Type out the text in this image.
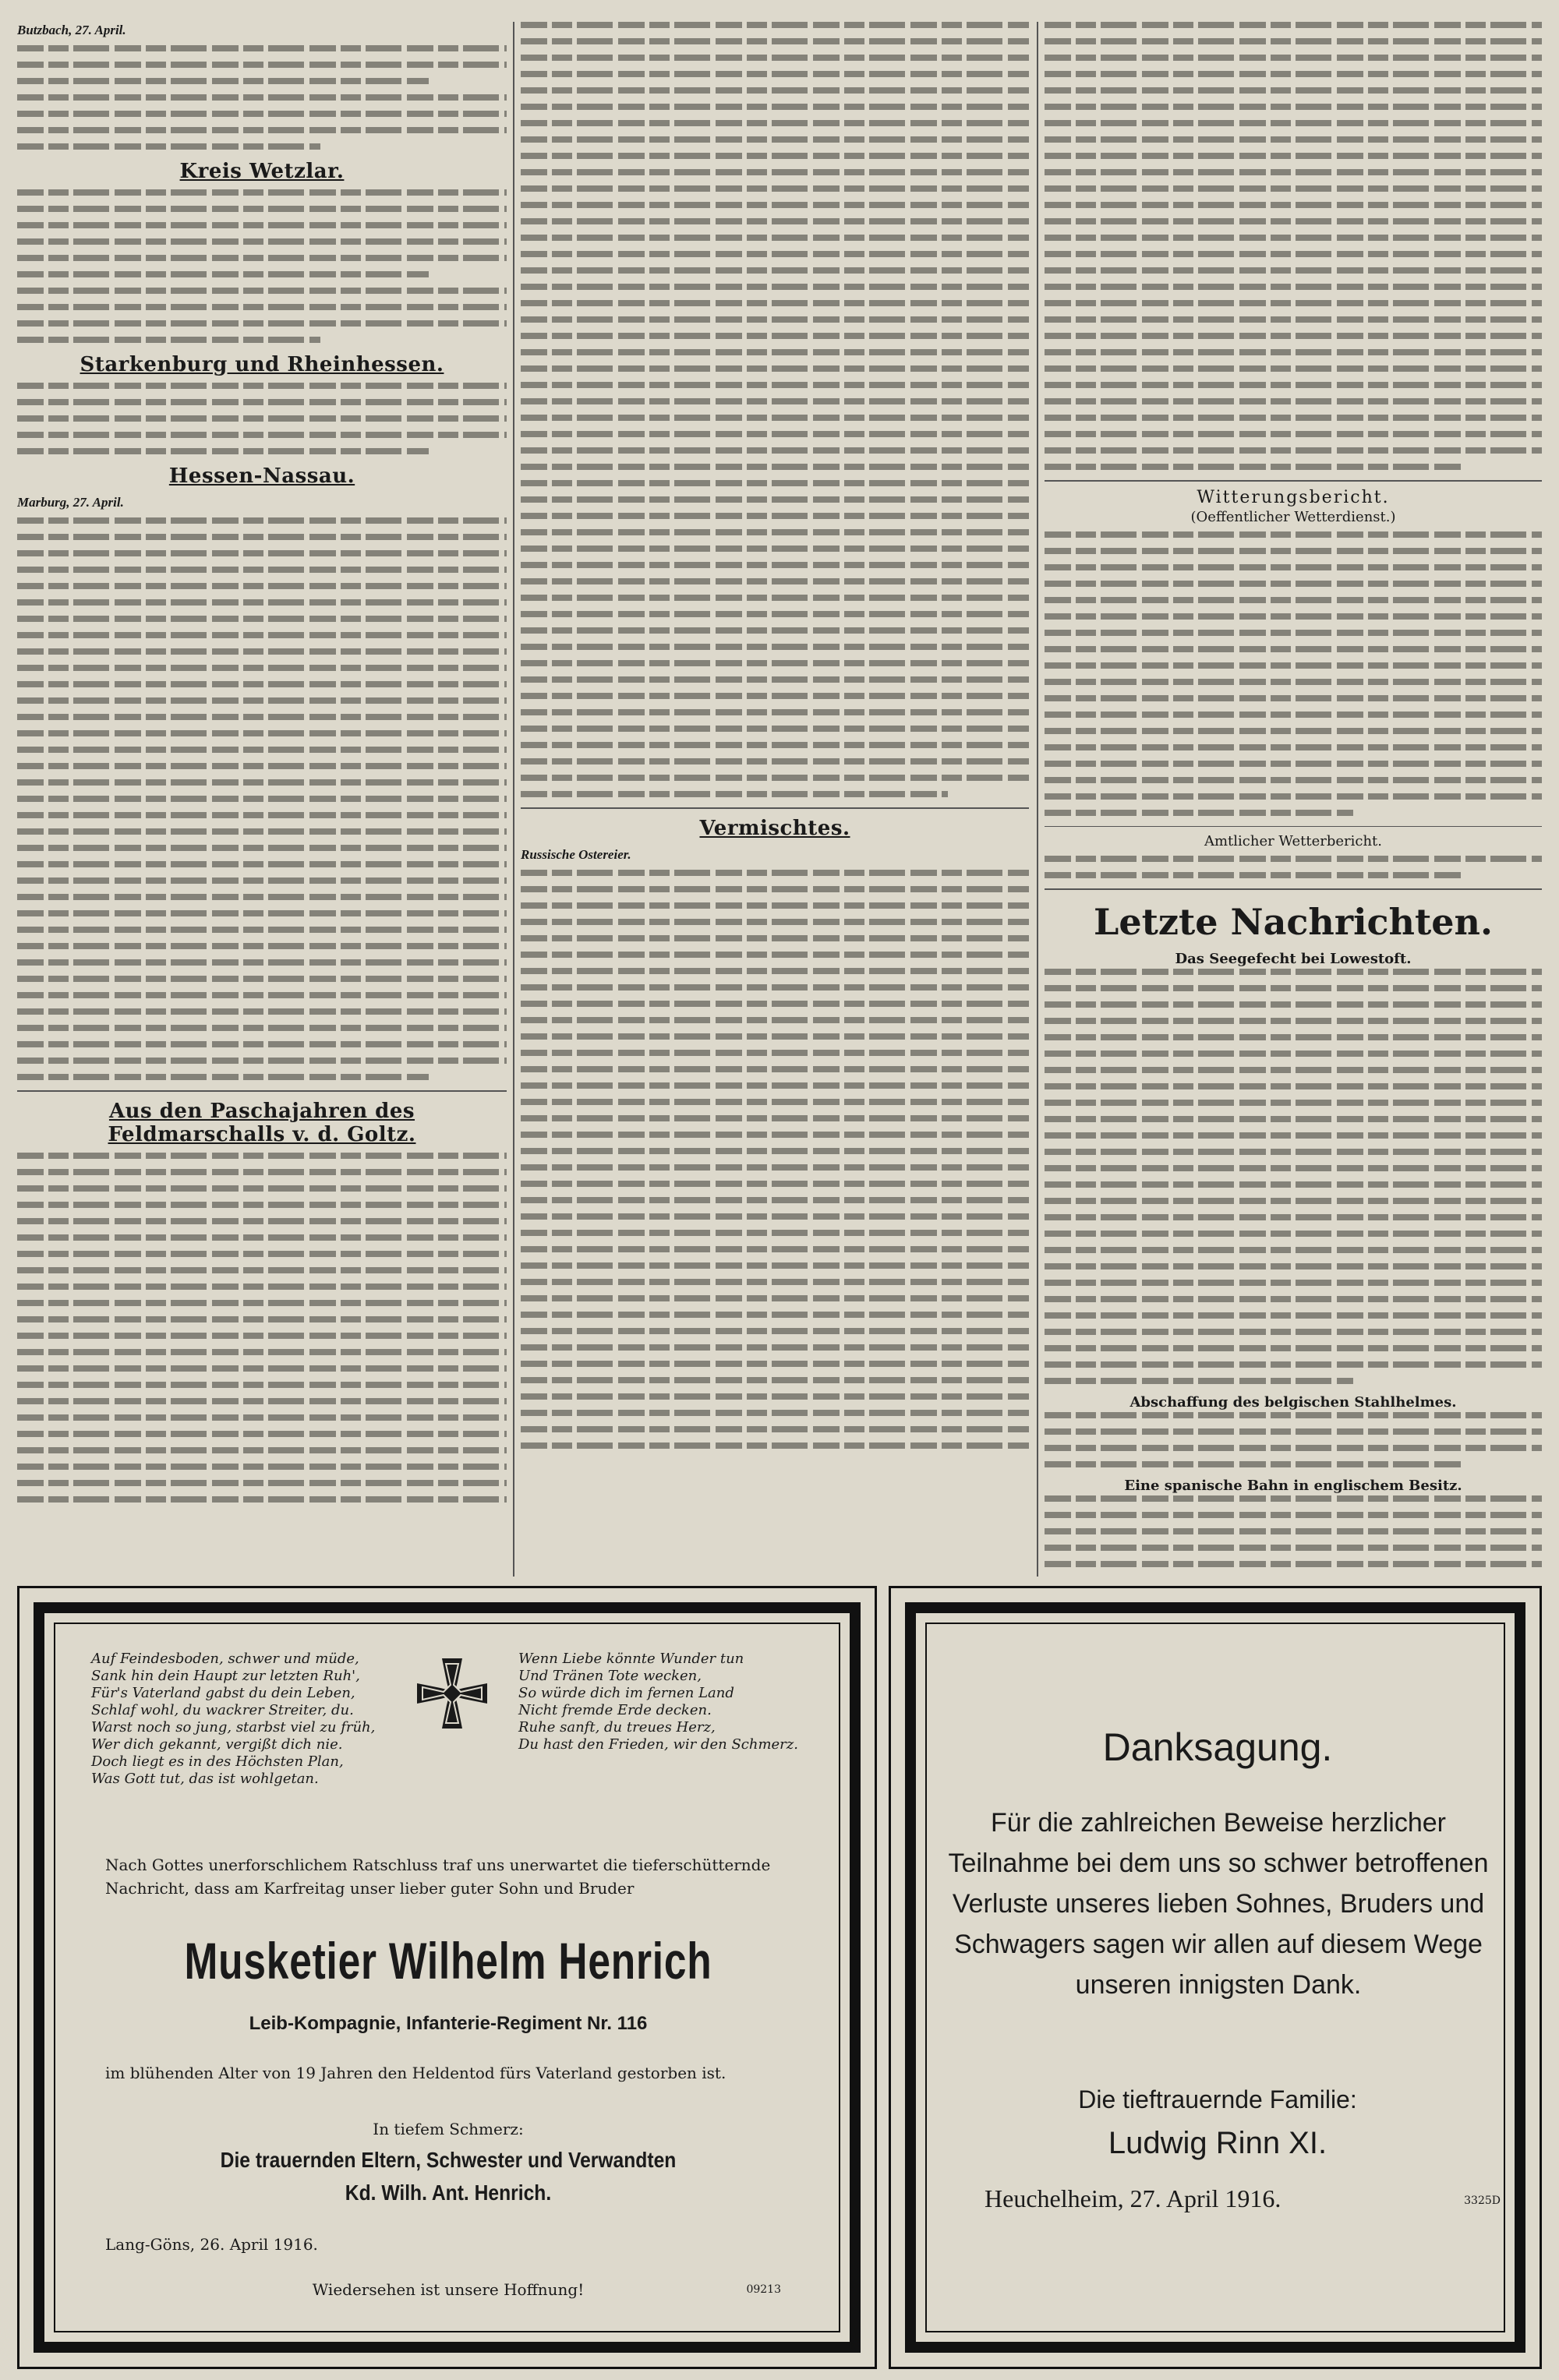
Butzbach, 27. April.

Kreis Wetzlar.
Starkenburg und Rheinhessen.
Hessen-Nassau.

Marburg, 27. April.

Aus den Paschajahren des Feldmarschalls v. d. Goltz.
Vermischtes.

Russische Ostereier.

Witterungsbericht.
(Oeffentlicher Wetterdienst.)
Amtlicher Wetterbericht.
Letzte Nachrichten.
Das Seegefecht bei Lowestoft.
Abschaffung des belgischen Stahlhelmes.
Eine spanische Bahn in englischem Besitz.
Auf Feindesboden, schwer und müde,
Sank hin dein Haupt zur letzten Ruh',
Für's Vaterland gabst du dein Leben,
Schlaf wohl, du wackrer Streiter, du.
Warst noch so jung, starbst viel zu früh,
Wer dich gekannt, vergißt dich nie.
Doch liegt es in des Höchsten Plan,
Was Gott tut, das ist wohlgetan.
Wenn Liebe könnte Wunder tun
Und Tränen Tote wecken,
So würde dich im fernen Land
Nicht fremde Erde decken.
Ruhe sanft, du treues Herz,
Du hast den Frieden, wir den Schmerz.
Nach Gottes unerforschlichem Ratschluss traf uns unerwartet die tieferschütternde Nachricht, dass am Karfreitag unser lieber guter Sohn und Bruder
Musketier Wilhelm Henrich
Leib-Kompagnie, Infanterie-Regiment Nr. 116
im blühenden Alter von 19 Jahren den Heldentod fürs Vaterland gestorben ist.
In tiefem Schmerz:
Die trauernden Eltern, Schwester und Verwandten
Kd. Wilh. Ant. Henrich.
Lang-Göns, 26. April 1916.
Wiedersehen ist unsere Hoffnung!	09213
Danksagung.
Für die zahlreichen Beweise herzlicher Teilnahme bei dem uns so schwer betroffenen Verluste unseres lieben Sohnes, Bruders und Schwagers sagen wir allen auf diesem Wege unseren innigsten Dank.
Die tieftrauernde Familie:
Ludwig Rinn XI.
Heuchelheim, 27. April 1916.	3325D
